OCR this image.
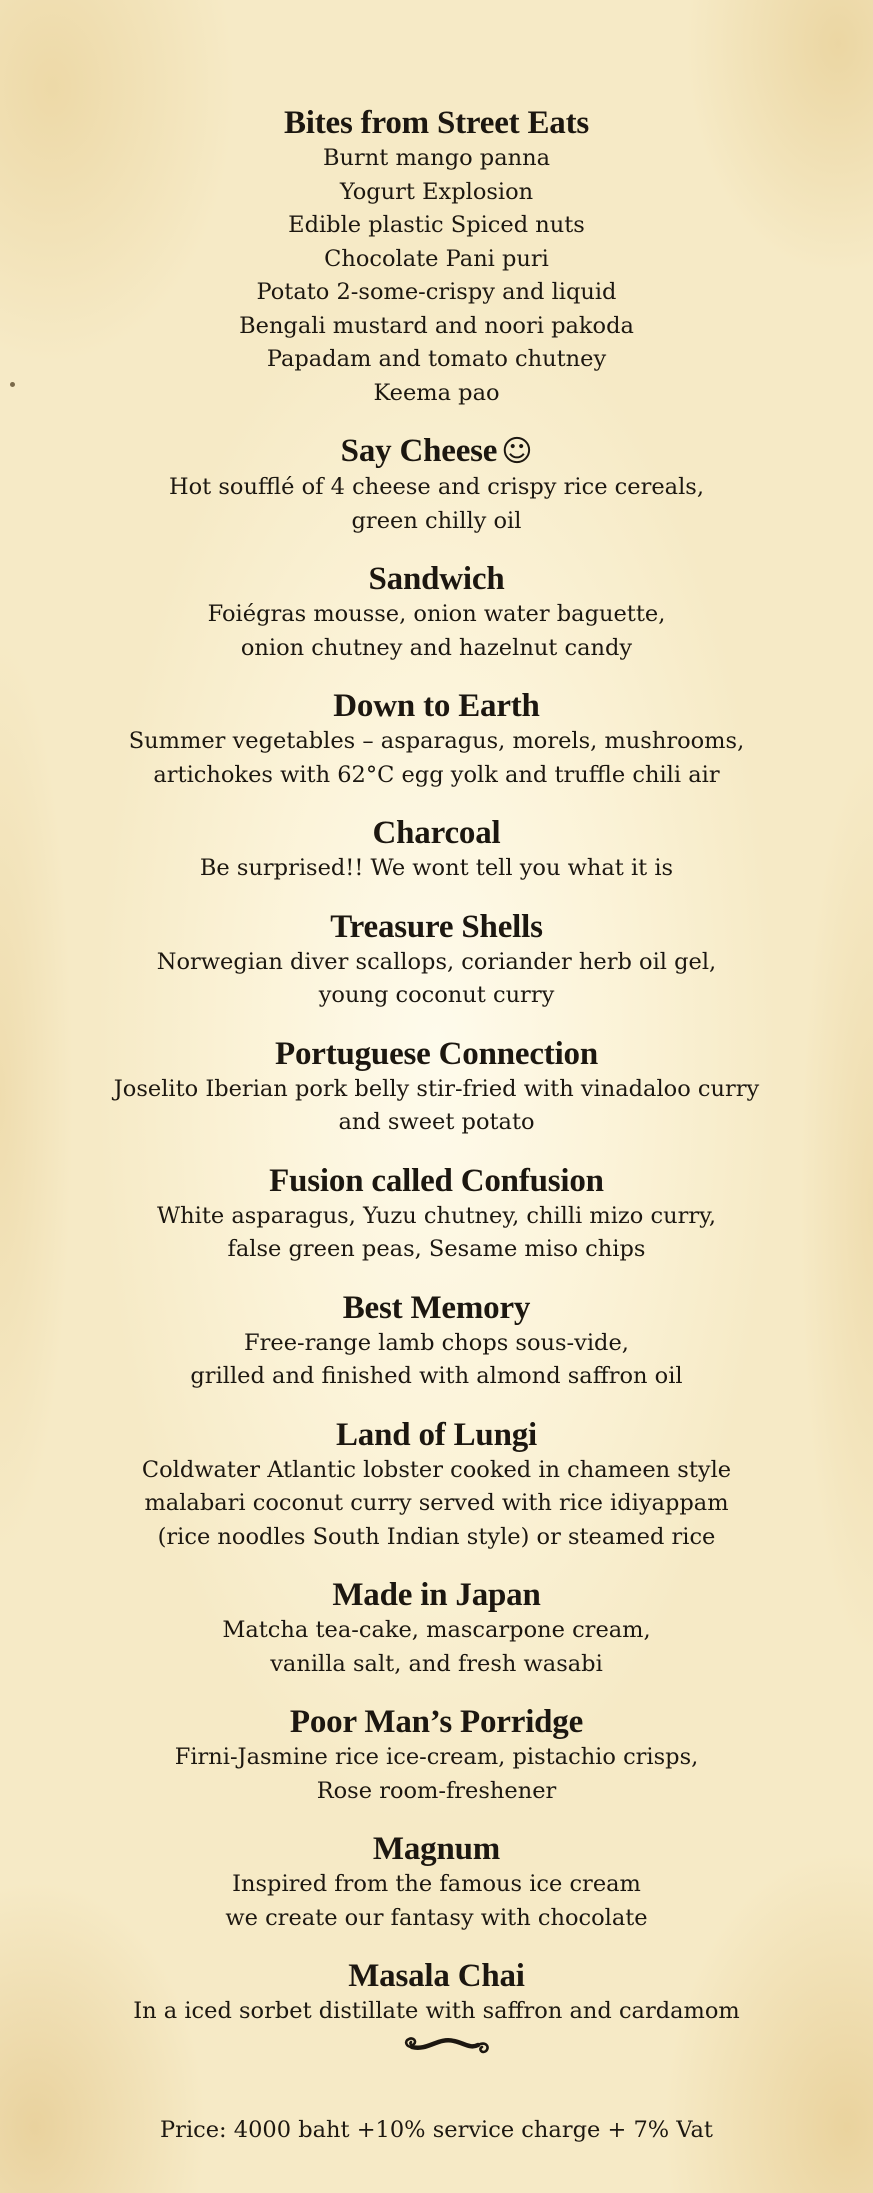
Bites from Street Eats

Burnt mango panna

Yogurt Explosion

Edible plastic Spiced nuts

Chocolate Pani puri

Potato 2-some-crispy and liquid

Bengali mustard and noori pakoda

Papadam and tomato chutney

Keema pao

Say Cheese ☺

Hot soufflé of 4 cheese and crispy rice cereals,

green chilly oil

Sandwich

Foiégras mousse, onion water baguette,

onion chutney and hazelnut candy

Down to Earth

Summer vegetables – asparagus, morels, mushrooms,

artichokes with 62°C egg yolk and truffle chili air

Charcoal

Be surprised!! We wont tell you what it is

Treasure Shells

Norwegian diver scallops, coriander herb oil gel,

young coconut curry

Portuguese Connection

Joselito Iberian pork belly stir-fried with vinadaloo curry

and sweet potato

Fusion called Confusion

White asparagus, Yuzu chutney, chilli mizo curry,

false green peas, Sesame miso chips

Best Memory

Free-range lamb chops sous-vide,

grilled and finished with almond saffron oil

Land of Lungi

Coldwater Atlantic lobster cooked in chameen style

malabari coconut curry served with rice idiyappam

(rice noodles South Indian style) or steamed rice

Made in Japan

Matcha tea-cake, mascarpone cream,

vanilla salt, and fresh wasabi

Poor Man’s Porridge

Firni-Jasmine rice ice-cream, pistachio crisps,

Rose room-freshener

Magnum

Inspired from the famous ice cream

we create our fantasy with chocolate

Masala Chai

In a iced sorbet distillate with saffron and cardamom

Price: 4000 baht +10% service charge + 7% Vat
